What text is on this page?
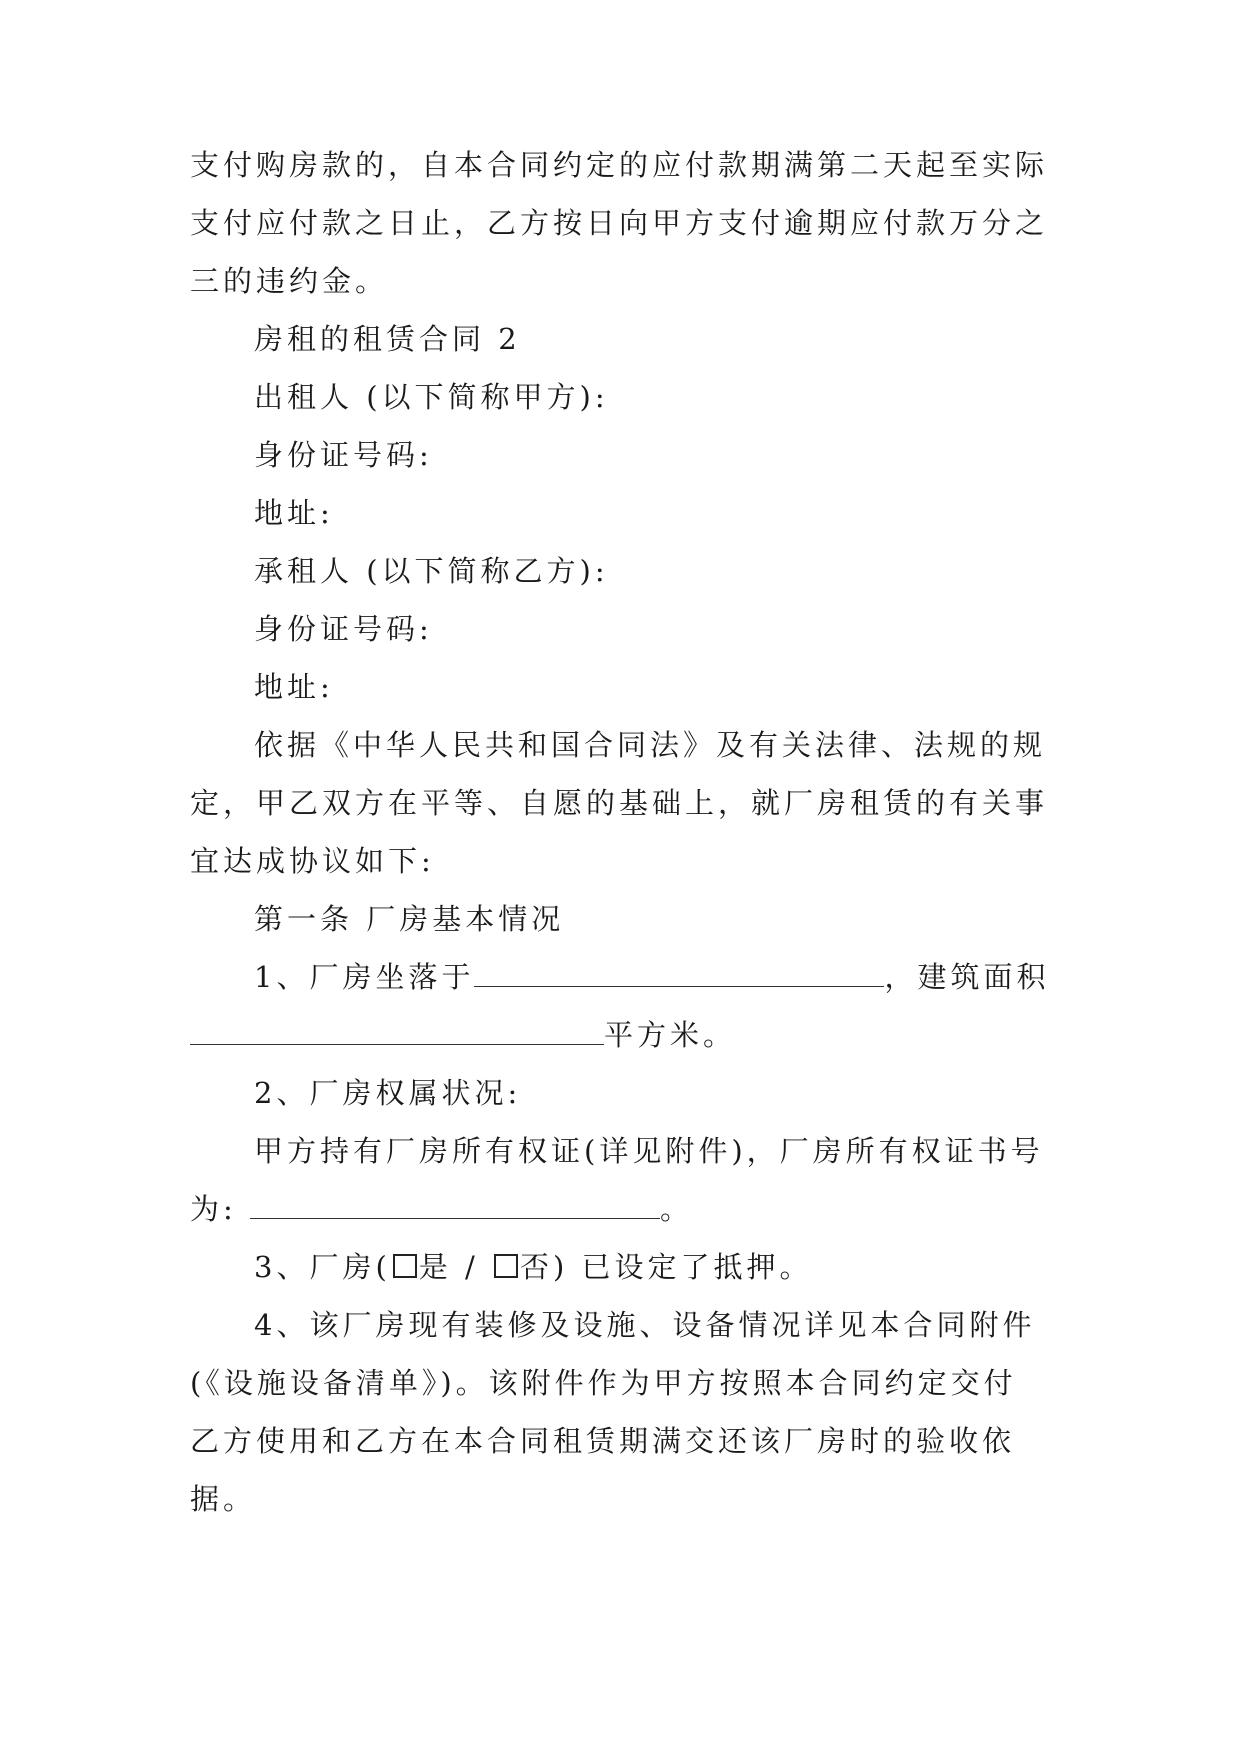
支付购房款的，自本合同约定的应付款期满第二天起至实际
支付应付款之日止，乙方按日向甲方支付逾期应付款万分之
三的违约金。
房租的租赁合同 2
出租人 (以下简称甲方):
身份证号码:
地址:
承租人 (以下简称乙方):
身份证号码:
地址:
依据《中华人民共和国合同法》及有关法律、法规的规
定，甲乙双方在平等、自愿的基础上，就厂房租赁的有关事
宜达成协议如下:
第一条 厂房基本情况
1、厂房坐落于	，建筑面积
平方米。
2、厂房权属状况:
甲方持有厂房所有权证(详见附件)，厂房所有权证书号
为:	。
3、厂房( 是 / 否) 已设定了抵押。
4、该厂房现有装修及设施、设备情况详见本合同附件
(《设施设备清单》)。该附件作为甲方按照本合同约定交付
乙方使用和乙方在本合同租赁期满交还该厂房时的验收依
据。
